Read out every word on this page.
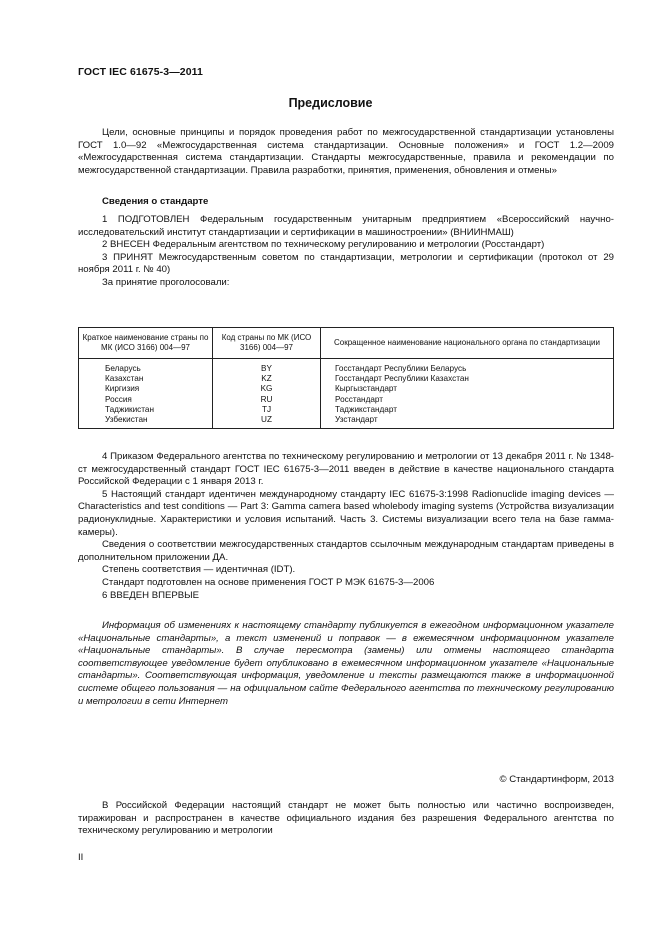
ГОСТ IEC 61675-3—2011
Предисловие

Цели, основные принципы и порядок проведения работ по межгосударственной стандартизации установлены ГОСТ 1.0—92 «Межгосударственная система стандартизации. Основные положения» и ГОСТ 1.2—2009 «Межгосударственная система стандартизации. Стандарты межгосударственные, правила и рекомендации по межгосударственной стандартизации. Правила разработки, принятия, применения, обновления и отмены»

Сведения о стандарте

1 ПОДГОТОВЛЕН Федеральным государственным унитарным предприятием «Всероссийский научно-исследовательский институт стандартизации и сертификации в машиностроении» (ВНИИНМАШ)

2 ВНЕСЕН Федеральным агентством по техническому регулированию и метрологии (Росстандарт)

3 ПРИНЯТ Межгосударственным советом по стандартизации, метрологии и сертификации (протокол от 29 ноября 2011 г. № 40)

За принятие проголосовали:

Краткое наименование страны по МК (ИСО 3166) 004—97	Код страны по МК (ИСО 3166) 004—97	Сокращенное наименование национального органа по стандартизации
Беларусь	BY	Госстандарт Республики Беларусь
Казахстан	KZ	Госстандарт Республики Казахстан
Киргизия	KG	Кыргызстандарт
Россия	RU	Росстандарт
Таджикистан	TJ	Таджикстандарт
Узбекистан	UZ	Узстандарт

4 Приказом Федерального агентства по техническому регулированию и метрологии от 13 декабря 2011 г. № 1348-ст межгосударственный стандарт ГОСТ IEC 61675-3—2011 введен в действие в качестве национального стандарта Российской Федерации с 1 января 2013 г.

5 Настоящий стандарт идентичен международному стандарту IEC 61675-3:1998 Radionuclide imaging devices — Characteristics and test conditions — Part 3: Gamma camera based wholebody imaging systems (Устройства визуализации радионуклидные. Характеристики и условия испытаний. Часть 3. Системы визуализации всего тела на базе гамма-камеры).

Сведения о соответствии межгосударственных стандартов ссылочным международным стандартам приведены в дополнительном приложении ДА.

Степень соответствия — идентичная (IDT).

Стандарт подготовлен на основе применения ГОСТ Р МЭК 61675-3—2006

6 ВВЕДЕН ВПЕРВЫЕ

Информация об изменениях к настоящему стандарту публикуется в ежегодном информационном указателе «Национальные стандарты», а текст изменений и поправок — в ежемесячном информационном указателе «Национальные стандарты». В случае пересмотра (замены) или отмены настоящего стандарта соответствующее уведомление будет опубликовано в ежемесячном информационном указателе «Национальные стандарты». Соответствующая информация, уведомление и тексты размещаются также в информационной системе общего пользования — на официальном сайте Федерального агентства по техническому регулированию и метрологии в сети Интернет

© Стандартинформ, 2013

В Российской Федерации настоящий стандарт не может быть полностью или частично воспроизведен, тиражирован и распространен в качестве официального издания без разрешения Федерального агентства по техническому регулированию и метрологии

II
